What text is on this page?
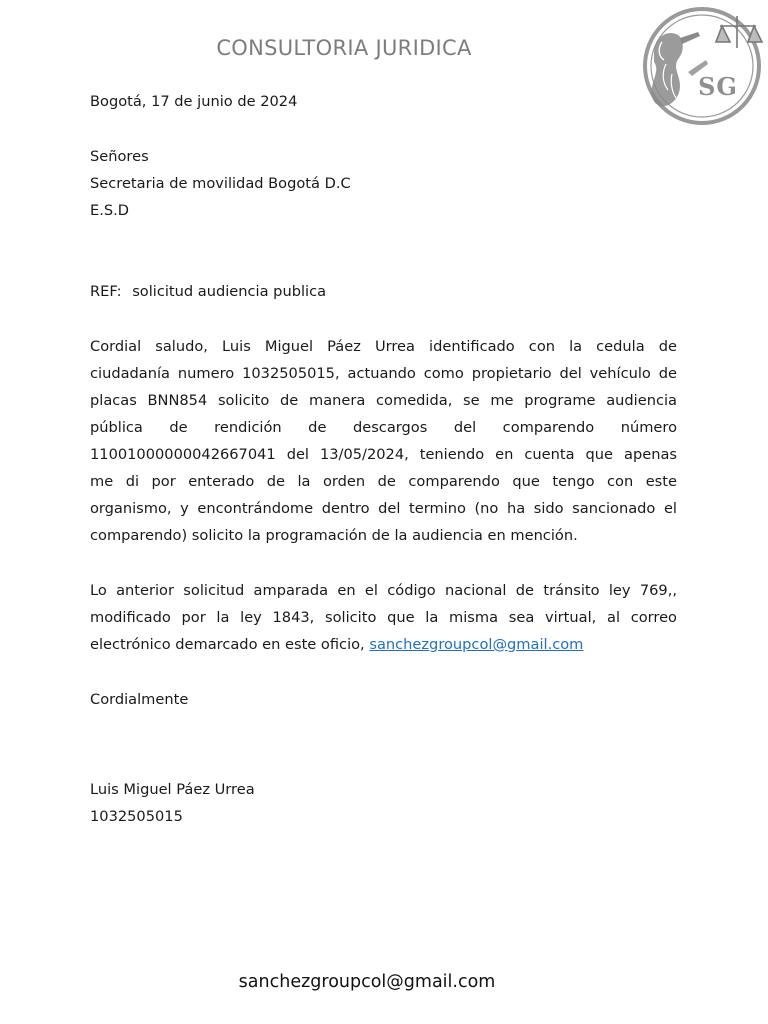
CONSULTORIA JURIDICA
SG
Bogotá, 17 de junio de 2024
Señores
Secretaria de movilidad Bogotá D.C
E.S.D
REF: solicitud audiencia publica
Cordial saludo, Luis Miguel Páez Urrea identificado con la cedula de
ciudadanía numero 1032505015, actuando como propietario del vehículo de
placas BNN854 solicito de manera comedida, se me programe audiencia
pública de rendición de descargos del comparendo número
11001000000042667041 del 13/05/2024, teniendo en cuenta que apenas
me di por enterado de la orden de comparendo que tengo con este
organismo, y encontrándome dentro del termino (no ha sido sancionado el
comparendo) solicito la programación de la audiencia en mención.
Lo anterior solicitud amparada en el código nacional de tránsito ley 769,,
modificado por la ley 1843, solicito que la misma sea virtual, al correo
electrónico demarcado en este oficio, sanchezgroupcol@gmail.com
Cordialmente
Luis Miguel Páez Urrea
1032505015
sanchezgroupcol@gmail.com
